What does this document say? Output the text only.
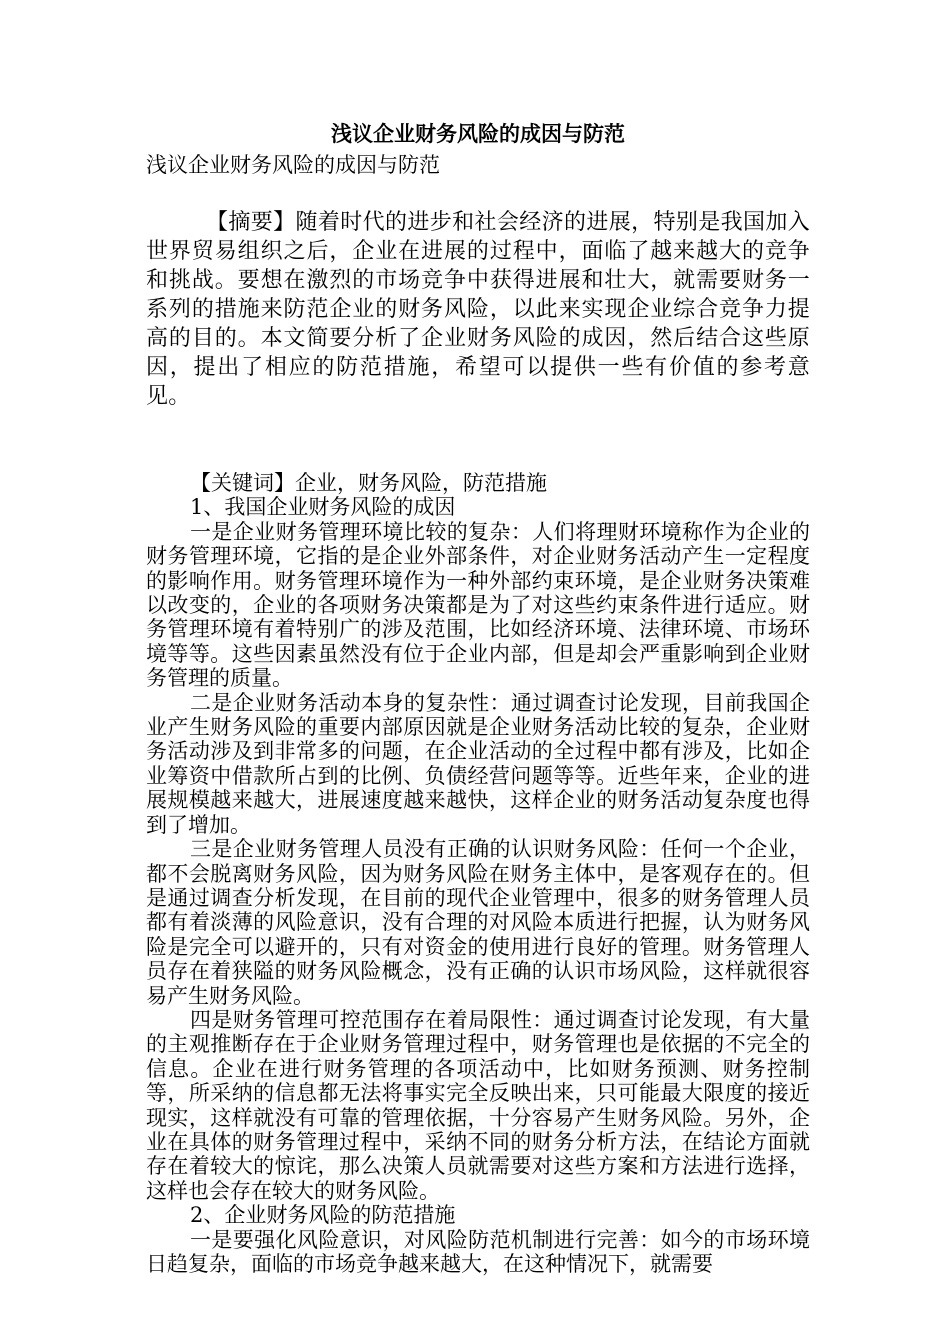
浅议企业财务风险的成因与防范

浅议企业财务风险的成因与防范

【摘要】随着时代的进步和社会经济的进展，特别是我国加入世界贸易组织之后，企业在进展的过程中，面临了越来越大的竞争和挑战。要想在激烈的市场竞争中获得进展和壮大，就需要财务一系列的措施来防范企业的财务风险，以此来实现企业综合竞争力提高的目的。本文简要分析了企业财务风险的成因，然后结合这些原因，提出了相应的防范措施，希望可以提供一些有价值的参考意见。

【关键词】企业，财务风险，防范措施

1、我国企业财务风险的成因

一是企业财务管理环境比较的复杂：人们将理财环境称作为企业的财务管理环境，它指的是企业外部条件，对企业财务活动产生一定程度的影响作用。财务管理环境作为一种外部约束环境，是企业财务决策难以改变的，企业的各项财务决策都是为了对这些约束条件进行适应。财务管理环境有着特别广的涉及范围，比如经济环境、法律环境、市场环境等等。这些因素虽然没有位于企业内部，但是却会严重影响到企业财务管理的质量。

二是企业财务活动本身的复杂性：通过调查讨论发现，目前我国企业产生财务风险的重要内部原因就是企业财务活动比较的复杂，企业财务活动涉及到非常多的问题，在企业活动的全过程中都有涉及，比如企业筹资中借款所占到的比例、负债经营问题等等。近些年来，企业的进展规模越来越大，进展速度越来越快，这样企业的财务活动复杂度也得到了增加。

三是企业财务管理人员没有正确的认识财务风险：任何一个企业，都不会脱离财务风险，因为财务风险在财务主体中，是客观存在的。但是通过调查分析发现，在目前的现代企业管理中，很多的财务管理人员都有着淡薄的风险意识，没有合理的对风险本质进行把握，认为财务风险是完全可以避开的，只有对资金的使用进行良好的管理。财务管理人员存在着狭隘的财务风险概念，没有正确的认识市场风险，这样就很容易产生财务风险。

四是财务管理可控范围存在着局限性：通过调查讨论发现，有大量的主观推断存在于企业财务管理过程中，财务管理也是依据的不完全的信息。企业在进行财务管理的各项活动中，比如财务预测、财务控制等，所采纳的信息都无法将事实完全反映出来，只可能最大限度的接近现实，这样就没有可靠的管理依据，十分容易产生财务风险。另外，企业在具体的财务管理过程中，采纳不同的财务分析方法，在结论方面就存在着较大的惊诧，那么决策人员就需要对这些方案和方法进行选择，这样也会存在较大的财务风险。

2、企业财务风险的防范措施

一是要强化风险意识，对风险防范机制进行完善：如今的市场环境日趋复杂，面临的市场竞争越来越大，在这种情况下，就需要
